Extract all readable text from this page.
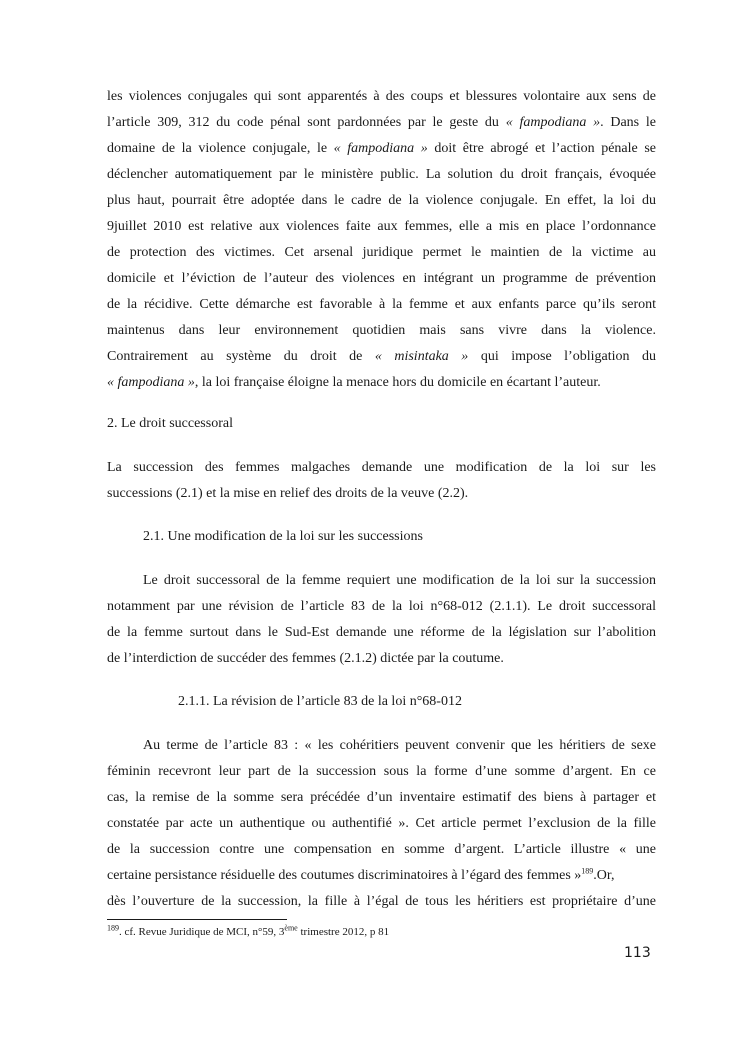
les violences conjugales qui sont apparentés à des coups et blessures volontaire aux sens de
l’article 309, 312 du code pénal sont pardonnées par le geste du « fampodiana ». Dans le
domaine de la violence conjugale, le « fampodiana » doit être abrogé et l’action pénale se
déclencher automatiquement par le ministère public. La solution du droit français, évoquée
plus haut, pourrait être adoptée dans le cadre de la violence conjugale. En effet, la loi du
9juillet 2010 est relative aux violences faite aux femmes, elle a mis en place l’ordonnance
de protection des victimes. Cet arsenal juridique permet le maintien de la victime au
domicile et l’éviction de l’auteur des violences en intégrant un programme de prévention
de la récidive. Cette démarche est favorable à la femme et aux enfants parce qu’ils seront
maintenus dans leur environnement quotidien mais sans vivre dans la violence.
Contrairement au système du droit de « misintaka » qui impose l’obligation du
« fampodiana », la loi française éloigne la menace hors du domicile en écartant l’auteur.
2. Le droit successoral
La succession des femmes malgaches demande une modification de la loi sur les
successions (2.1) et la mise en relief des droits de la veuve (2.2).
2.1. Une modification de la loi sur les successions
Le droit successoral de la femme requiert une modification de la loi sur la succession
notamment par une révision de l’article 83 de la loi n°68-012 (2.1.1). Le droit successoral
de la femme surtout dans le Sud-Est demande une réforme de la législation sur l’abolition
de l’interdiction de succéder des femmes (2.1.2) dictée par la coutume.
2.1.1. La révision de l’article 83 de la loi n°68-012
Au terme de l’article 83 : « les cohéritiers peuvent convenir que les héritiers de sexe
féminin recevront leur part de la succession sous la forme d’une somme d’argent. En ce
cas, la remise de la somme sera précédée d’un inventaire estimatif des biens à partager et
constatée par acte un authentique ou authentifié ». Cet article permet l’exclusion de la fille
de la succession contre une compensation en somme d’argent. L’article illustre « une
certaine persistance résiduelle des coutumes discriminatoires à l’égard des femmes »$^{189}$.Or,
dès l’ouverture de la succession, la fille à l’égal de tous les héritiers est propriétaire d’une
$^{189}$. cf. Revue Juridique de MCI, n°59, 3ème trimestre 2012, p 81
113
